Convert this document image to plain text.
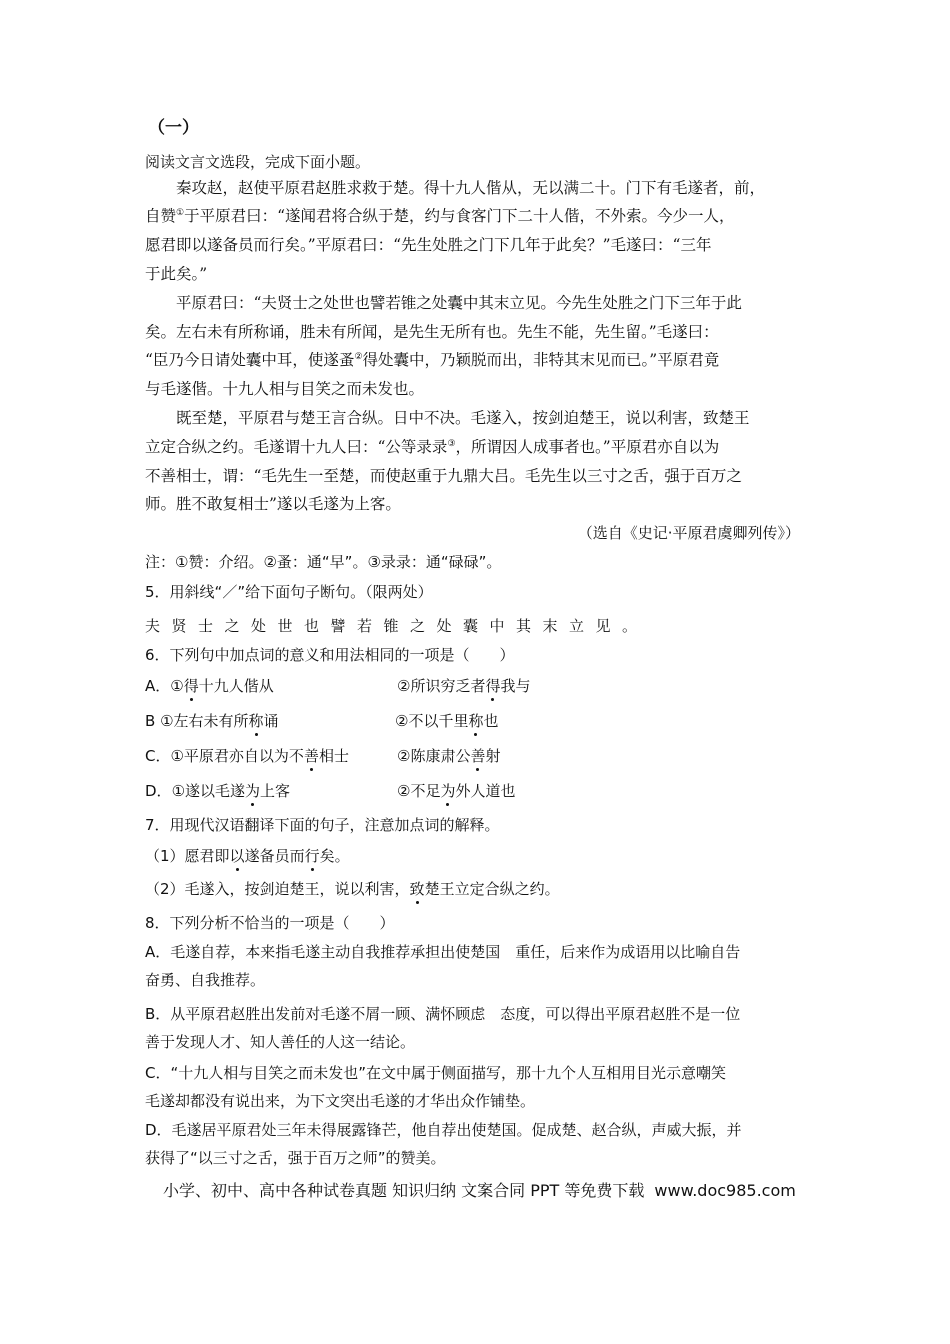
（一）
阅读文言文选段，完成下面小题。
秦攻赵，赵使平原君赵胜求救于楚。得十九人偕从，无以满二十。门下有毛遂者，前，
自赞①于平原君曰：“遂闻君将合纵于楚，约与食客门下二十人偕，不外索。今少一人，
愿君即以遂备员而行矣。”平原君曰：“先生处胜之门下几年于此矣？”毛遂曰：“三年
于此矣。”
平原君曰：“夫贤士之处世也譬若锥之处囊中其末立见。今先生处胜之门下三年于此
矣。左右未有所称诵，胜未有所闻，是先生无所有也。先生不能，先生留。”毛遂曰：
“臣乃今日请处囊中耳，使遂蚤②得处囊中，乃颖脱而出，非特其末见而已。”平原君竟
与毛遂偕。十九人相与目笑之而未发也。
既至楚，平原君与楚王言合纵。日中不决。毛遂入，按剑迫楚王，说以利害，致楚王
立定合纵之约。毛遂谓十九人曰：“公等录录③，所谓因人成事者也。”平原君亦自以为
不善相士，谓：“毛先生一至楚，而使赵重于九鼎大吕。毛先生以三寸之舌，强于百万之
师。胜不敢复相士”遂以毛遂为上客。
（选自《史记·平原君虞卿列传》）
注：①赞：介绍。②蚤：通“早”。③录录：通“碌碌”。
5．用斜线“／”给下面句子断句。（限两处）
夫贤士之处世也譬若锥之处囊中其末立见。
6．下列句中加点词的意义和用法相同的一项是（　　）
A．①得十九人偕从	②所识穷乏者得我与
B ①左右未有所称诵	②不以千里称也
C．①平原君亦自以为不善相士	②陈康肃公善射
D．①遂以毛遂为上客	②不足为外人道也
7．用现代汉语翻译下面的句子，注意加点词的解释。
（1）愿君即以遂备员而行矣。
（2）毛遂入，按剑迫楚王，说以利害，致楚王立定合纵之约。
8．下列分析不恰当的一项是（　　）
A．毛遂自荐，本来指毛遂主动自我推荐承担出使楚国　重任，后来作为成语用以比喻自告
奋勇、自我推荐。
B．从平原君赵胜出发前对毛遂不屑一顾、满怀顾虑　态度，可以得出平原君赵胜不是一位
善于发现人才、知人善任的人这一结论。
C．“十九人相与目笑之而未发也”在文中属于侧面描写，那十九个人互相用目光示意嘲笑
毛遂却都没有说出来，为下文突出毛遂的才华出众作铺垫。
D．毛遂居平原君处三年未得展露锋芒，他自荐出使楚国。促成楚、赵合纵，声威大振，并
获得了“以三寸之舌，强于百万之师”的赞美。
小学、初中、高中各种试卷真题 知识归纳 文案合同 PPT 等免费下载 www.doc985.com
